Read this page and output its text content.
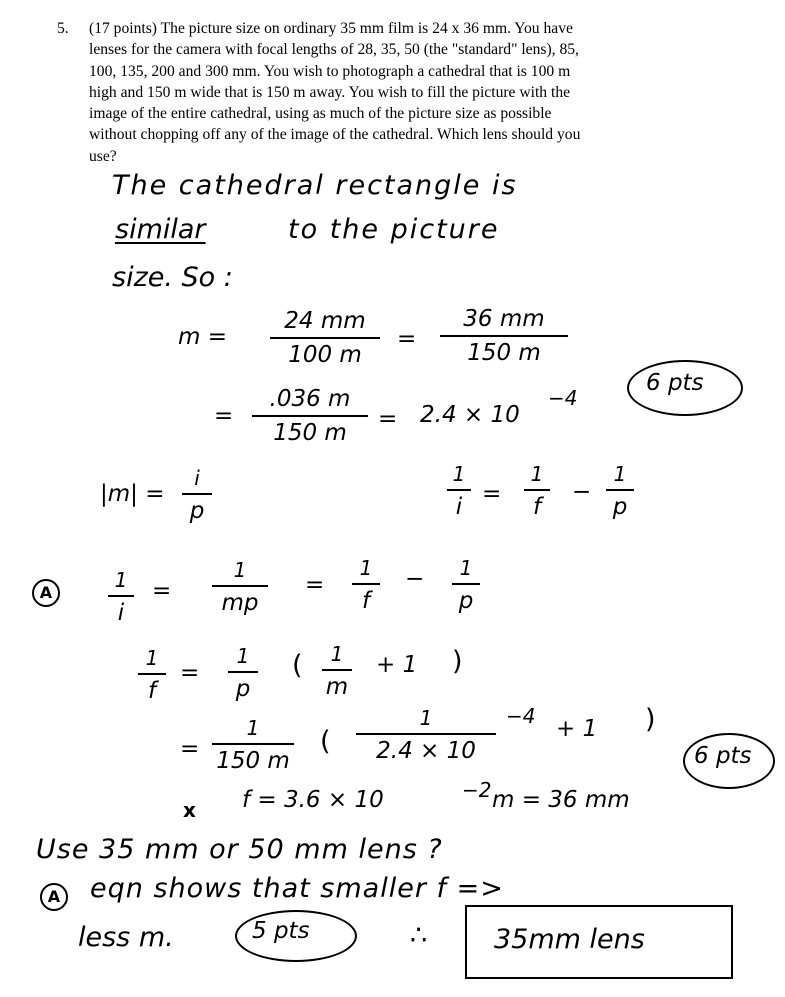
5. (17 points) The picture size on ordinary 35 mm film is 24 x 36 mm. You have
lenses for the camera with focal lengths of 28, 35, 50 (the "standard" lens), 85,
100, 135, 200 and 300 mm. You wish to photograph a cathedral that is 100 m
high and 150 m wide that is 150 m away. You wish to fill the picture with the
image of the entire cathedral, using as much of the picture size as possible
without chopping off any of the image of the cathedral. Which lens should you
use?
The cathedral rectangle is
similar	to the picture
size. So :
m =
24 mm
100 m
=
36 mm
150 m
=
.036 m
150 m
= 2.4 × 10
−4
6 pts
|m| =
i
p
1
i =
1
f
−
1
p
A
1
i
=
1
mp
=
1
f
−	1
p
1
f
=
1
p
(	1
m
+ 1 )
=
1
150 m
(
1
2.4 × 10
−4 + 1 )
6 pts
x f = 3.6 × 10	−2 m = 36 mm
Use 35 mm or 50 mm lens ?
A eqn shows that smaller f =>
less m.	5 pts	∴ 35mm lens
